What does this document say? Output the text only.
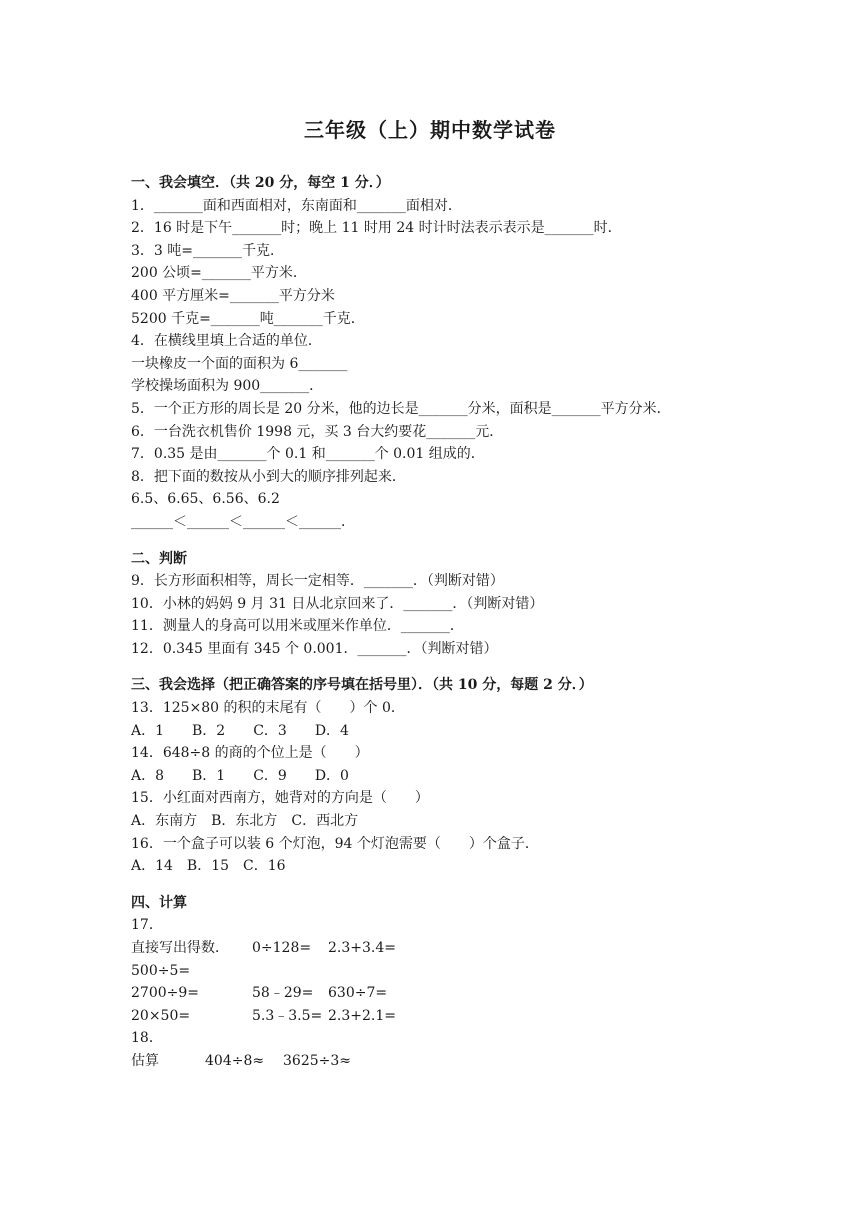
三年级（上）期中数学试卷
一、我会填空．（共 20 分，每空 1 分．）
1．_______面和西面相对，东南面和_______面相对．
2．16 时是下午_______时；晚上 11 时用 24 时计时法表示表示是_______时．
3．3 吨=_______千克．
200 公顷=_______平方米．
400 平方厘米=_______平方分米
5200 千克=_______吨_______千克．
4．在横线里填上合适的单位．
一块橡皮一个面的面积为 6_______
学校操场面积为 900_______．
5．一个正方形的周长是 20 分米，他的边长是_______分米，面积是_______平方分米．
6．一台洗衣机售价 1998 元，买 3 台大约要花_______元．
7．0.35 是由_______个 0.1 和_______个 0.01 组成的．
8．把下面的数按从小到大的顺序排列起来．
6.5、6.65、6.56、6.2
______＜______＜______＜______．
二、判断
9．长方形面积相等，周长一定相等．_______．（判断对错）
10．小林的妈妈 9 月 31 日从北京回来了．_______．（判断对错）
11．测量人的身高可以用米或厘米作单位．_______．
12．0.345 里面有 345 个 0.001．_______．（判断对错）
三、我会选择（把正确答案的序号填在括号里）．（共 10 分，每题 2 分．）
13．125×80 的积的末尾有（　　）个 0．
A．1　　B．2　　C．3　　D．4
14．648÷8 的商的个位上是（　　）
A．8　　B．1　　C．9　　D．0
15．小红面对西南方，她背对的方向是（　　）
A．东南方　B．东北方　C．西北方
16．一个盒子可以装 6 个灯泡，94 个灯泡需要（　　）个盒子．
A．14　B．15　C．16
四、计算
17．
直接写出得数．	0÷128=	2.3+3.4=
500÷5=
2700÷9=	58﹣29=	630÷7=
20×50=	5.3﹣3.5= 2.3+2.1=
18．
估算	404÷8≈	3625÷3≈
